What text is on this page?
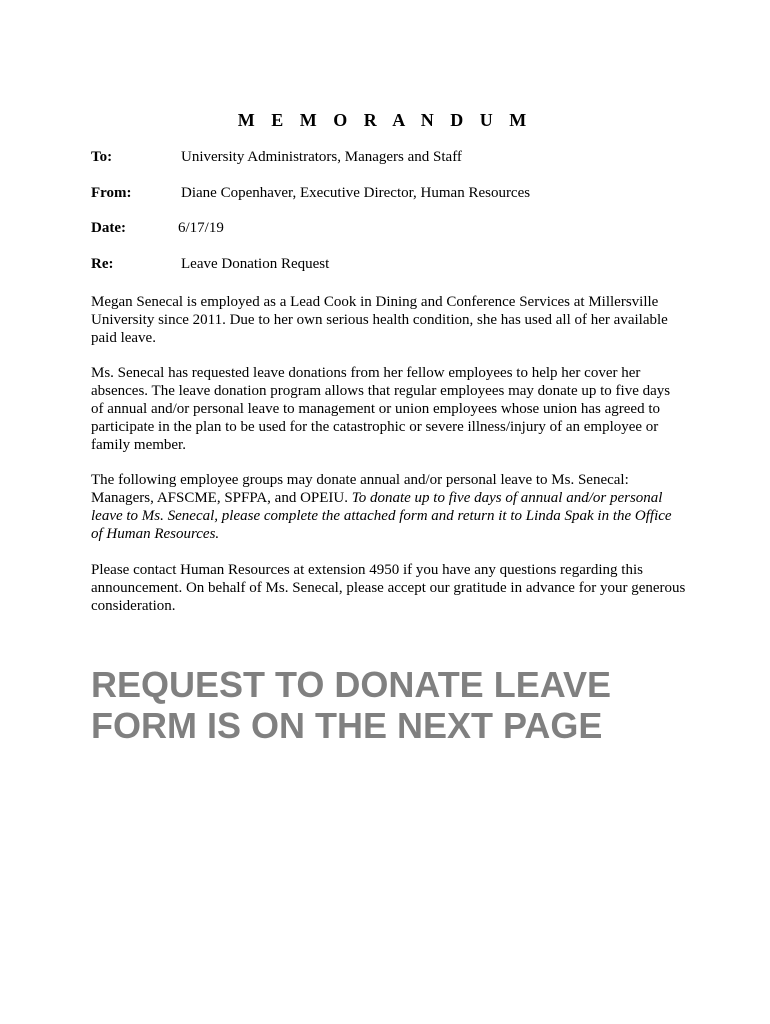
M E M O R A N D U M
To:	University Administrators, Managers and Staff
From:	Diane Copenhaver, Executive Director, Human Resources
Date:	6/17/19
Re:	Leave Donation Request

Megan Senecal is employed as a Lead Cook in Dining and Conference Services at Millersville University since 2011. Due to her own serious health condition, she has used all of her available paid leave.

Ms. Senecal has requested leave donations from her fellow employees to help her cover her absences. The leave donation program allows that regular employees may donate up to five days of annual and/or personal leave to management or union employees whose union has agreed to participate in the plan to be used for the catastrophic or severe illness/injury of an employee or family member.

The following employee groups may donate annual and/or personal leave to Ms. Senecal: Managers, AFSCME, SPFPA, and OPEIU. To donate up to five days of annual and/or personal leave to Ms. Senecal, please complete the attached form and return it to Linda Spak in the Office of Human Resources.

Please contact Human Resources at extension 4950 if you have any questions regarding this announcement. On behalf of Ms. Senecal, please accept our gratitude in advance for your generous consideration.

REQUEST TO DONATE LEAVE
FORM IS ON THE NEXT PAGE
